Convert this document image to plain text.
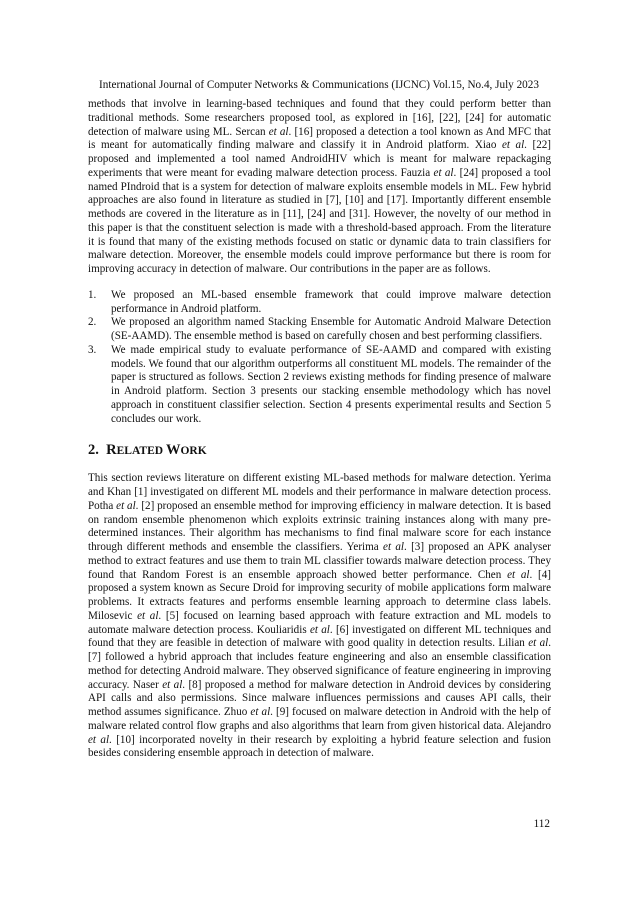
International Journal of Computer Networks & Communications (IJCNC) Vol.15, No.4, July 2023

methods that involve in learning-based techniques and found that they could perform better than traditional methods. Some researchers proposed tool, as explored in [16], [22], [24] for automatic detection of malware using ML. Sercan et al. [16] proposed a detection a tool known as And MFC that is meant for automatically finding malware and classify it in Android platform. Xiao et al. [22] proposed and implemented a tool named AndroidHIV which is meant for malware repackaging experiments that were meant for evading malware detection process. Fauzia et al. [24] proposed a tool named PIndroid that is a system for detection of malware exploits ensemble models in ML. Few hybrid approaches are also found in literature as studied in [7], [10] and [17]. Importantly different ensemble methods are covered in the literature as in [11], [24] and [31]. However, the novelty of our method in this paper is that the constituent selection is made with a threshold-based approach. From the literature it is found that many of the existing methods focused on static or dynamic data to train classifiers for malware detection. Moreover, the ensemble models could improve performance but there is room for improving accuracy in detection of malware. Our contributions in the paper are as follows.

1. We proposed an ML-based ensemble framework that could improve malware detection performance in Android platform.
2. We proposed an algorithm named Stacking Ensemble for Automatic Android Malware Detection (SE-AAMD). The ensemble method is based on carefully chosen and best performing classifiers.
3. We made empirical study to evaluate performance of SE-AAMD and compared with existing models. We found that our algorithm outperforms all constituent ML models. The remainder of the paper is structured as follows. Section 2 reviews existing methods for finding presence of malware in Android platform. Section 3 presents our stacking ensemble methodology which has novel approach in constituent classifier selection. Section 4 presents experimental results and Section 5 concludes our work.
2. RELATED WORK

This section reviews literature on different existing ML-based methods for malware detection. Yerima and Khan [1] investigated on different ML models and their performance in malware detection process. Potha et al. [2] proposed an ensemble method for improving efficiency in malware detection. It is based on random ensemble phenomenon which exploits extrinsic training instances along with many pre-determined instances. Their algorithm has mechanisms to find final malware score for each instance through different methods and ensemble the classifiers. Yerima et al. [3] proposed an APK analyser method to extract features and use them to train ML classifier towards malware detection process. They found that Random Forest is an ensemble approach showed better performance. Chen et al. [4] proposed a system known as Secure Droid for improving security of mobile applications form malware problems. It extracts features and performs ensemble learning approach to determine class labels. Milosevic et al. [5] focused on learning based approach with feature extraction and ML models to automate malware detection process. Kouliaridis et al. [6] investigated on different ML techniques and found that they are feasible in detection of malware with good quality in detection results. Lilian et al. [7] followed a hybrid approach that includes feature engineering and also an ensemble classification method for detecting Android malware. They observed significance of feature engineering in improving accuracy. Naser et al. [8] proposed a method for malware detection in Android devices by considering API calls and also permissions. Since malware influences permissions and causes API calls, their method assumes significance. Zhuo et al. [9] focused on malware detection in Android with the help of malware related control flow graphs and also algorithms that learn from given historical data. Alejandro et al. [10] incorporated novelty in their research by exploiting a hybrid feature selection and fusion besides considering ensemble approach in detection of malware.

112
